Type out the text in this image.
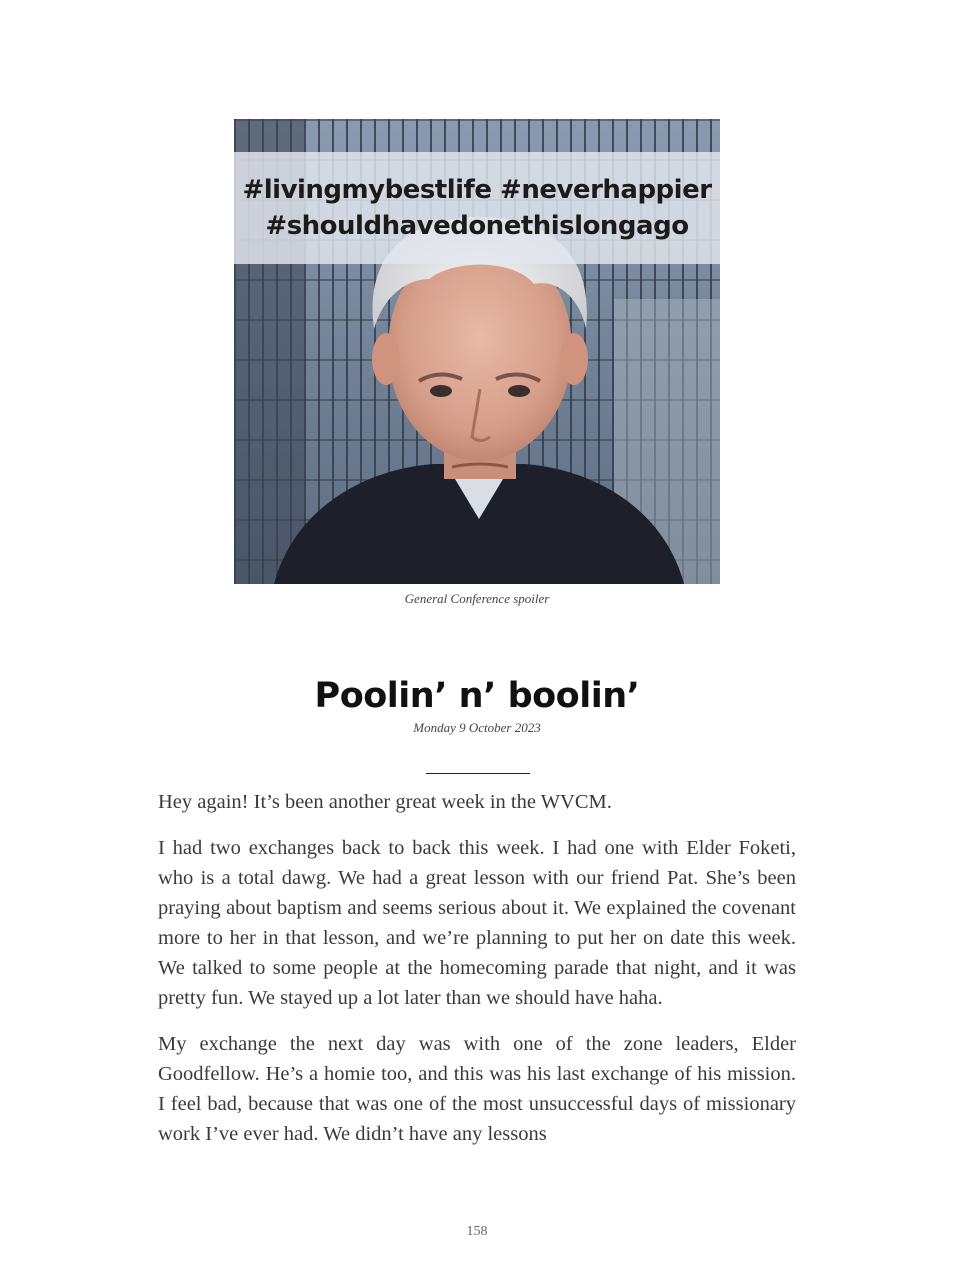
#livingmybestlife #neverhappier
#shouldhavedonethislongago
General Conference spoiler
Poolin’ n’ boolin’
Monday 9 October 2023

Hey again! It’s been another great week in the WVCM.

I had two exchanges back to back this week. I had one with Elder Foketi, who is a total dawg. We had a great lesson with our friend Pat. She’s been praying about baptism and seems serious about it. We explained the covenant more to her in that lesson, and we’re planning to put her on date this week. We talked to some people at the homecoming parade that night, and it was pretty fun. We stayed up a lot later than we should have haha.

My exchange the next day was with one of the zone leaders, Elder Goodfellow. He’s a homie too, and this was his last exchange of his mission. I feel bad, because that was one of the most unsuccessful days of missionary work I’ve ever had. We didn’t have any lessons

158
